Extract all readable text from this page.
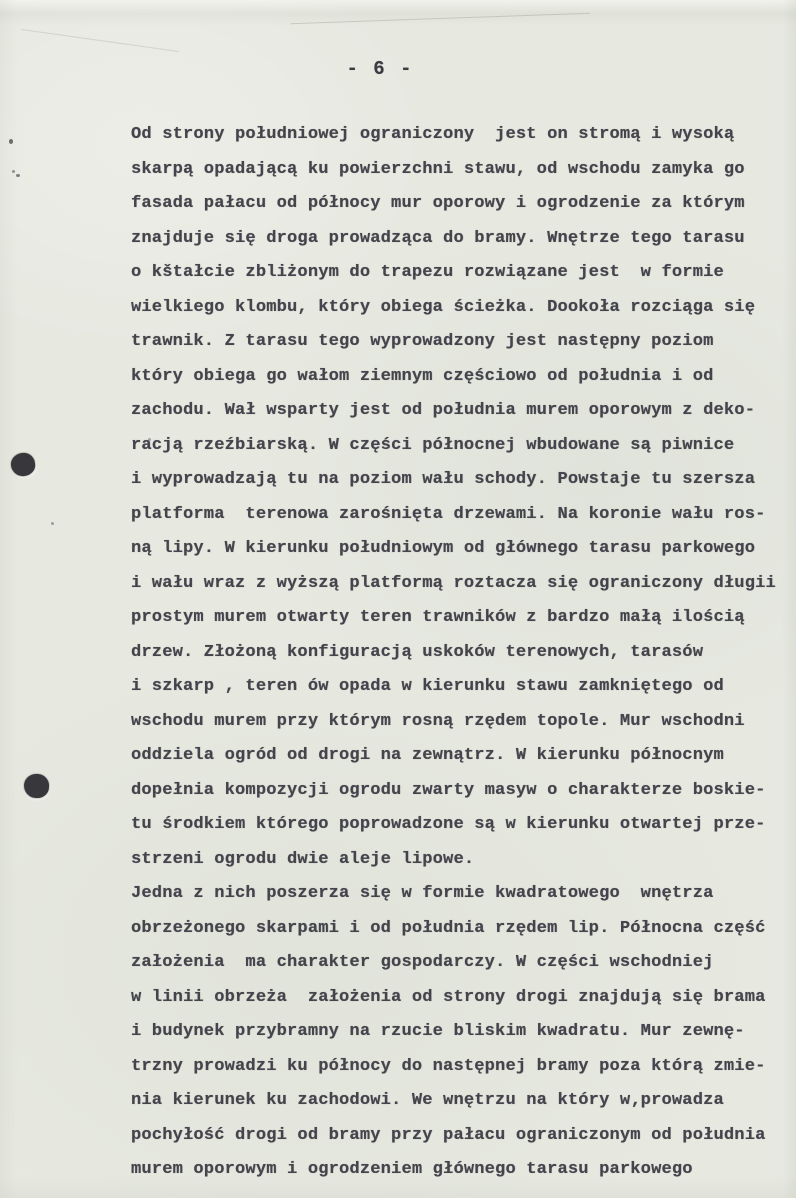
- 6 -
Od strony południowej ograniczony  jest on stromą i wysoką
skarpą opadającą ku powierzchni stawu, od wschodu zamyka go
fasada pałacu od północy mur oporowy i ogrodzenie za którym
znajduje się droga prowadząca do bramy. Wnętrze tego tarasu
o kštałcie zbliżonym do trapezu rozwiązane jest  w formie
wielkiego klombu, który obiega ścieżka. Dookoła rozciąga się
trawnik. Z tarasu tego wyprowadzony jest następny poziom
który obiega go wałom ziemnym częściowo od południa i od
zachodu. Wał wsparty jest od południa murem oporowym z deko-
racją rzeźbiarską. W części północnej wbudowane są piwnice
i wyprowadzają tu na poziom wału schody. Powstaje tu szersza
platforma  terenowa zarośnięta drzewami. Na koronie wału ros-
ną lipy. W kierunku południowym od głównego tarasu parkowego
i wału wraz z wyższą platformą roztacza się ograniczony długii
prostym murem otwarty teren trawników z bardzo małą ilością
drzew. Złożoną konfiguracją uskoków terenowych, tarasów
i szkarp , teren ów opada w kierunku stawu zamkniętego od
wschodu murem przy którym rosną rzędem topole. Mur wschodni
oddziela ogród od drogi na zewnątrz. W kierunku północnym
dopełnia kompozycji ogrodu zwarty masyw o charakterze boskie-
tu środkiem którego poprowadzone są w kierunku otwartej prze-
strzeni ogrodu dwie aleje lipowe.
Jedna z nich poszerza się w formie kwadratowego  wnętrza
obrzeżonego skarpami i od południa rzędem lip. Północna część
założenia  ma charakter gospodarczy. W części wschodniej
w linii obrzeża  założenia od strony drogi znajdują się brama
i budynek przybramny na rzucie bliskim kwadratu. Mur zewnę-
trzny prowadzi ku północy do następnej bramy poza którą zmie-
nia kierunek ku zachodowi. We wnętrzu na który w‚prowadza
pochyłość drogi od bramy przy pałacu ograniczonym od południa
murem oporowym i ogrodzeniem głównego tarasu parkowego
